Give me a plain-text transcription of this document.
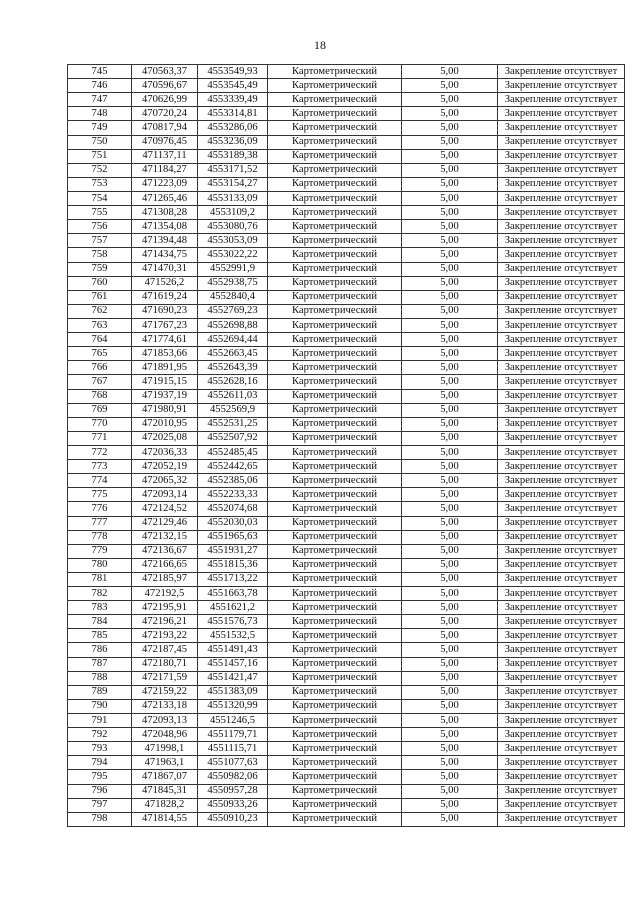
18
745	470563,37	4553549,93	Картометрический	5,00	Закрепление отсутствует
746	470596,67	4553545,49	Картометрический	5,00	Закрепление отсутствует
747	470626,99	4553339,49	Картометрический	5,00	Закрепление отсутствует
748	470720,24	4553314,81	Картометрический	5,00	Закрепление отсутствует
749	470817,94	4553286,06	Картометрический	5,00	Закрепление отсутствует
750	470976,45	4553236,09	Картометрический	5,00	Закрепление отсутствует
751	471137,11	4553189,38	Картометрический	5,00	Закрепление отсутствует
752	471184,27	4553171,52	Картометрический	5,00	Закрепление отсутствует
753	471223,09	4553154,27	Картометрический	5,00	Закрепление отсутствует
754	471265,46	4553133,09	Картометрический	5,00	Закрепление отсутствует
755	471308,28	4553109,2	Картометрический	5,00	Закрепление отсутствует
756	471354,08	4553080,76	Картометрический	5,00	Закрепление отсутствует
757	471394,48	4553053,09	Картометрический	5,00	Закрепление отсутствует
758	471434,75	4553022,22	Картометрический	5,00	Закрепление отсутствует
759	471470,31	4552991,9	Картометрический	5,00	Закрепление отсутствует
760	471526,2	4552938,75	Картометрический	5,00	Закрепление отсутствует
761	471619,24	4552840,4	Картометрический	5,00	Закрепление отсутствует
762	471690,23	4552769,23	Картометрический	5,00	Закрепление отсутствует
763	471767,23	4552698,88	Картометрический	5,00	Закрепление отсутствует
764	471774,61	4552694,44	Картометрический	5,00	Закрепление отсутствует
765	471853,66	4552663,45	Картометрический	5,00	Закрепление отсутствует
766	471891,95	4552643,39	Картометрический	5,00	Закрепление отсутствует
767	471915,15	4552628,16	Картометрический	5,00	Закрепление отсутствует
768	471937,19	4552611,03	Картометрический	5,00	Закрепление отсутствует
769	471980,91	4552569,9	Картометрический	5,00	Закрепление отсутствует
770	472010,95	4552531,25	Картометрический	5,00	Закрепление отсутствует
771	472025,08	4552507,92	Картометрический	5,00	Закрепление отсутствует
772	472036,33	4552485,45	Картометрический	5,00	Закрепление отсутствует
773	472052,19	4552442,65	Картометрический	5,00	Закрепление отсутствует
774	472065,32	4552385,06	Картометрический	5,00	Закрепление отсутствует
775	472093,14	4552233,33	Картометрический	5,00	Закрепление отсутствует
776	472124,52	4552074,68	Картометрический	5,00	Закрепление отсутствует
777	472129,46	4552030,03	Картометрический	5,00	Закрепление отсутствует
778	472132,15	4551965,63	Картометрический	5,00	Закрепление отсутствует
779	472136,67	4551931,27	Картометрический	5,00	Закрепление отсутствует
780	472166,65	4551815,36	Картометрический	5,00	Закрепление отсутствует
781	472185,97	4551713,22	Картометрический	5,00	Закрепление отсутствует
782	472192,5	4551663,78	Картометрический	5,00	Закрепление отсутствует
783	472195,91	4551621,2	Картометрический	5,00	Закрепление отсутствует
784	472196,21	4551576,73	Картометрический	5,00	Закрепление отсутствует
785	472193,22	4551532,5	Картометрический	5,00	Закрепление отсутствует
786	472187,45	4551491,43	Картометрический	5,00	Закрепление отсутствует
787	472180,71	4551457,16	Картометрический	5,00	Закрепление отсутствует
788	472171,59	4551421,47	Картометрический	5,00	Закрепление отсутствует
789	472159,22	4551383,09	Картометрический	5,00	Закрепление отсутствует
790	472133,18	4551320,99	Картометрический	5,00	Закрепление отсутствует
791	472093,13	4551246,5	Картометрический	5,00	Закрепление отсутствует
792	472048,96	4551179,71	Картометрический	5,00	Закрепление отсутствует
793	471998,1	4551115,71	Картометрический	5,00	Закрепление отсутствует
794	471963,1	4551077,63	Картометрический	5,00	Закрепление отсутствует
795	471867,07	4550982,06	Картометрический	5,00	Закрепление отсутствует
796	471845,31	4550957,28	Картометрический	5,00	Закрепление отсутствует
797	471828,2	4550933,26	Картометрический	5,00	Закрепление отсутствует
798	471814,55	4550910,23	Картометрический	5,00	Закрепление отсутствует
